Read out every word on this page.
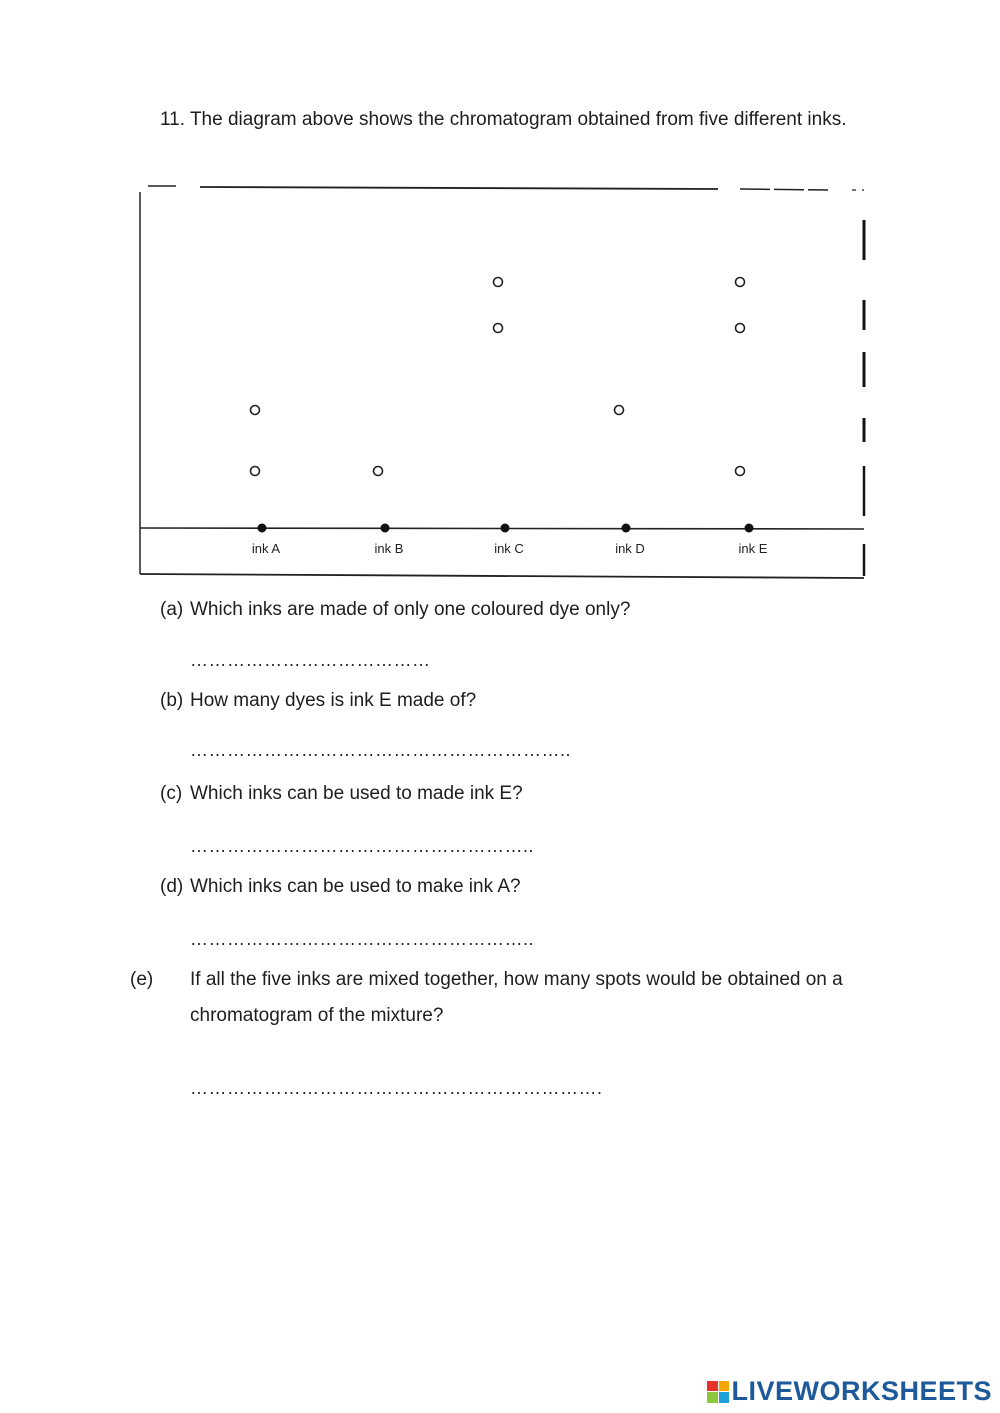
11. The diagram above shows the chromatogram obtained from five different inks.
ink A	ink B	ink C	ink D	ink E
(a) Which inks are made of only one coloured dye only?
…………………………………
(b) How many dyes is ink E made of?
……………………………………………………..
(c) Which inks can be used to made ink E?
………………………………………………..
(d) Which inks can be used to make ink A?
………………………………………………..
(e) If all the five inks are mixed together, how many spots would be obtained on a chromatogram of the mixture?
………………………………………………………….
LIVEWORKSHEETS
